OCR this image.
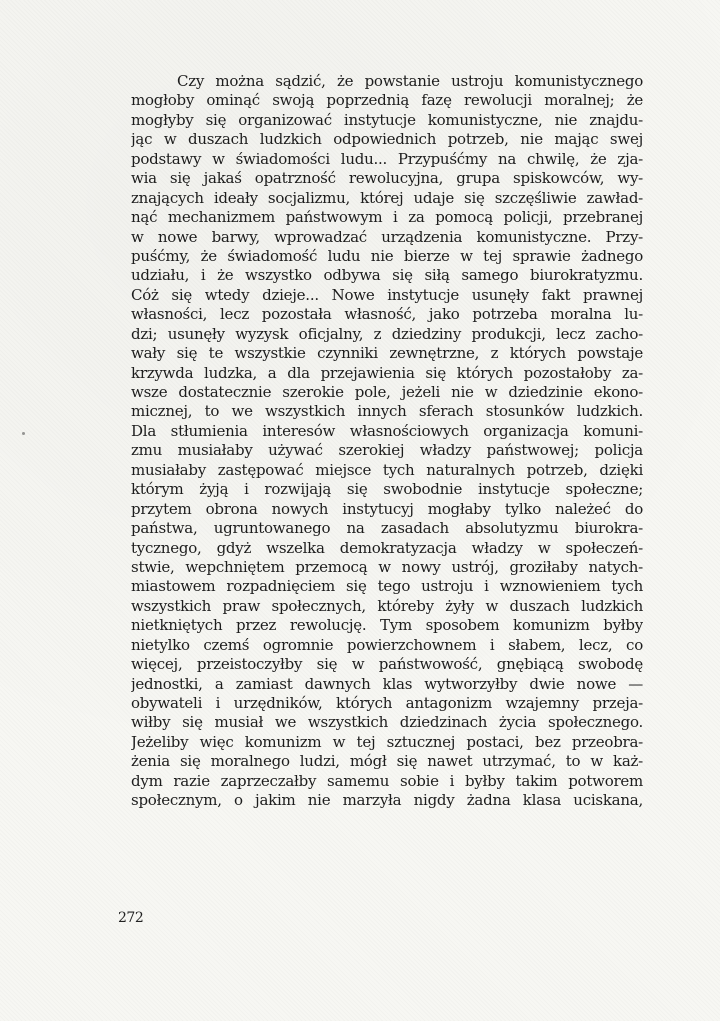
Czy można sądzić, że powstanie ustroju komunistycznego
mogłoby ominąć swoją poprzednią fazę rewolucji moralnej; że
mogłyby się organizować instytucje komunistyczne, nie znajdu-
jąc w duszach ludzkich odpowiednich potrzeb, nie mając swej
podstawy w świadomości ludu... Przypuśćmy na chwilę, że zja-
wia się jakaś opatrzność rewolucyjna, grupa spiskowców, wy-
znających ideały socjalizmu, której udaje się szczęśliwie zawład-
nąć mechanizmem państwowym i za pomocą policji, przebranej
w nowe barwy, wprowadzać urządzenia komunistyczne. Przy-
puśćmy, że świadomość ludu nie bierze w tej sprawie żadnego
udziału, i że wszystko odbywa się siłą samego biurokratyzmu.
Cóż się wtedy dzieje... Nowe instytucje usunęły fakt prawnej
własności, lecz pozostała własność, jako potrzeba moralna lu-
dzi; usunęły wyzysk oficjalny, z dziedziny produkcji, lecz zacho-
wały się te wszystkie czynniki zewnętrzne, z których powstaje
krzywda ludzka, a dla przejawienia się których pozostałoby za-
wsze dostatecznie szerokie pole, jeżeli nie w dziedzinie ekono-
micznej, to we wszystkich innych sferach stosunków ludzkich.
Dla stłumienia interesów własnościowych organizacja komuni-
zmu musiałaby używać szerokiej władzy państwowej; policja
musiałaby zastępować miejsce tych naturalnych potrzeb, dzięki
którym żyją i rozwijają się swobodnie instytucje społeczne;
przytem obrona nowych instytucyj mogłaby tylko należeć do
państwa, ugruntowanego na zasadach absolutyzmu biurokra-
tycznego, gdyż wszelka demokratyzacja władzy w społeczeń-
stwie, wepchniętem przemocą w nowy ustrój, groziłaby natych-
miastowem rozpadnięciem się tego ustroju i wznowieniem tych
wszystkich praw społecznych, któreby żyły w duszach ludzkich
nietkniętych przez rewolucję. Tym sposobem komunizm byłby
nietylko czemś ogromnie powierzchownem i słabem, lecz, co
więcej, przeistoczyłby się w państwowość, gnębiącą swobodę
jednostki, a zamiast dawnych klas wytworzyłby dwie nowe —
obywateli i urzędników, których antagonizm wzajemny przeja-
wiłby się musiał we wszystkich dziedzinach życia społecznego.
Jeżeliby więc komunizm w tej sztucznej postaci, bez przeobra-
żenia się moralnego ludzi, mógł się nawet utrzymać, to w każ-
dym razie zaprzeczałby samemu sobie i byłby takim potworem
społecznym, o jakim nie marzyła nigdy żadna klasa uciskana,
272
